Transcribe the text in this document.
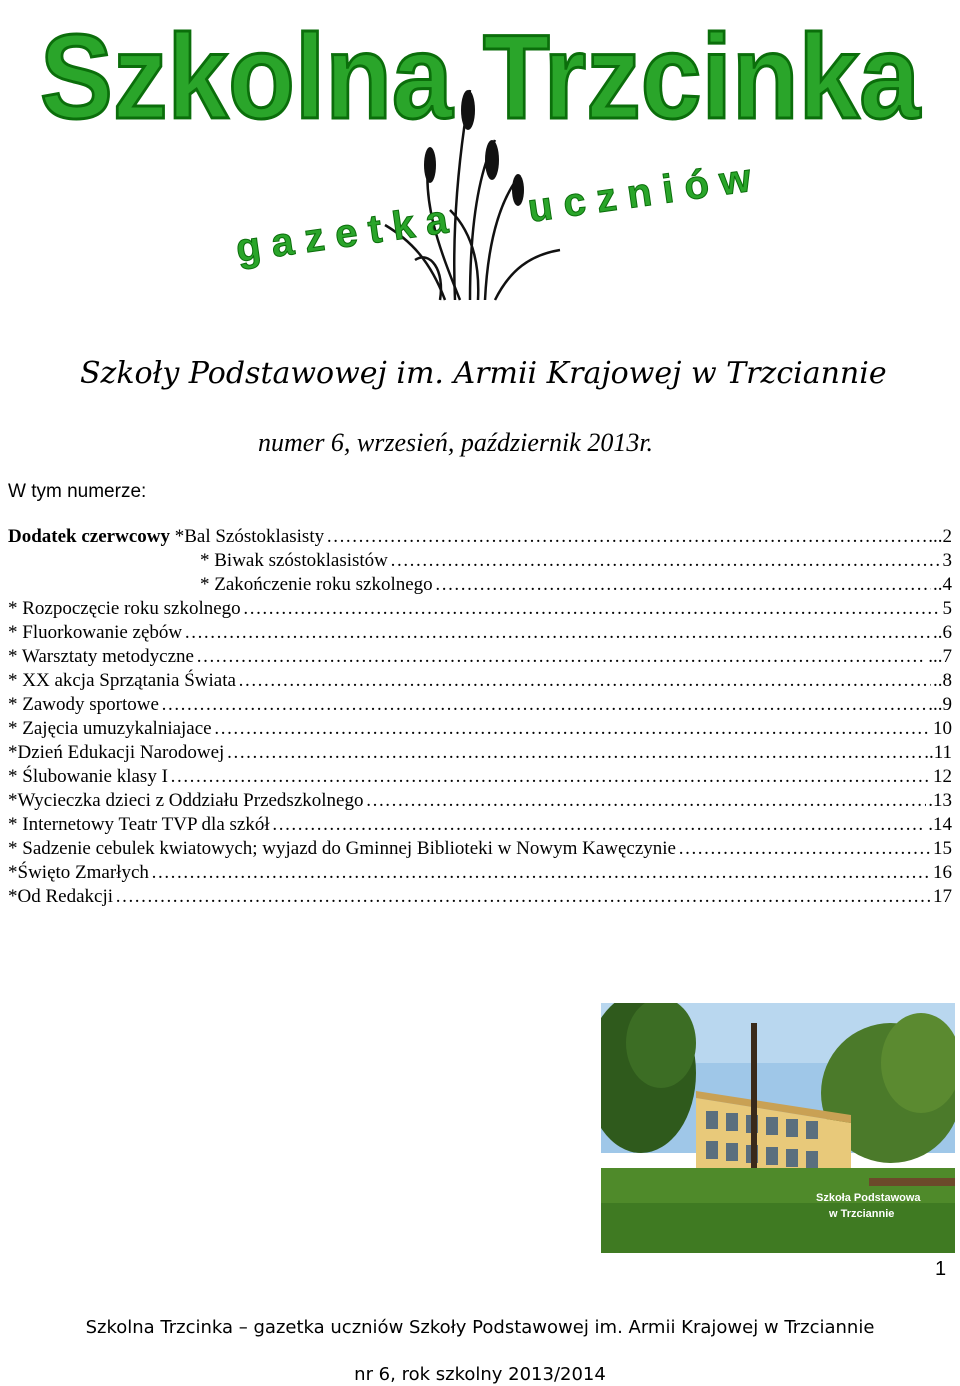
Szkolna Trzcinka
g a z e t k a
u c z n i ó w
Szkoły Podstawowej im. Armii Krajowej w Trzciannie
numer 6, wrzesień, październik 2013r.
W tym numerze:
Dodatek czerwcowy *Bal Szóstoklasisty …………………………………………………………………………………………………………………………………………………………………………………	...2
* Biwak szóstoklasistów …………………………………………………………………………………………………………………………………………………………………………………	3
* Zakończenie roku szkolnego …………………………………………………………………………………………………………………………………………………………………………………	..4
* Rozpoczęcie roku szkolnego …………………………………………………………………………………………………………………………………………………………………………………	5
* Fluorkowanie zębów …………………………………………………………………………………………………………………………………………………………………………………	..6
* Warsztaty metodyczne …………………………………………………………………………………………………………………………………………………………………………………	...7
* XX akcja Sprzątania Świata …………………………………………………………………………………………………………………………………………………………………………………	..8
* Zawody sportowe …………………………………………………………………………………………………………………………………………………………………………………	...9
* Zajęcia umuzykalniajace …………………………………………………………………………………………………………………………………………………………………………………	10
*Dzień Edukacji Narodowej …………………………………………………………………………………………………………………………………………………………………………………	..11
* Ślubowanie klasy I …………………………………………………………………………………………………………………………………………………………………………………	12
*Wycieczka dzieci z Oddziału Przedszkolnego …………………………………………………………………………………………………………………………………………………………………………………	.13
* Internetowy Teatr TVP dla szkół …………………………………………………………………………………………………………………………………………………………………………………	.14
* Sadzenie cebulek kwiatowych; wyjazd do Gminnej Biblioteki w Nowym Kawęczynie …………………………………………………………………………………………………………………………………………………………………………………	15
*Święto Zmarłych …………………………………………………………………………………………………………………………………………………………………………………	16
*Od Redakcji …………………………………………………………………………………………………………………………………………………………………………………	17
Szkoła Podstawowa
w Trzciannie
1
Szkolna Trzcinka – gazetka uczniów Szkoły Podstawowej im. Armii Krajowej w Trzciannie
nr 6, rok szkolny 2013/2014
